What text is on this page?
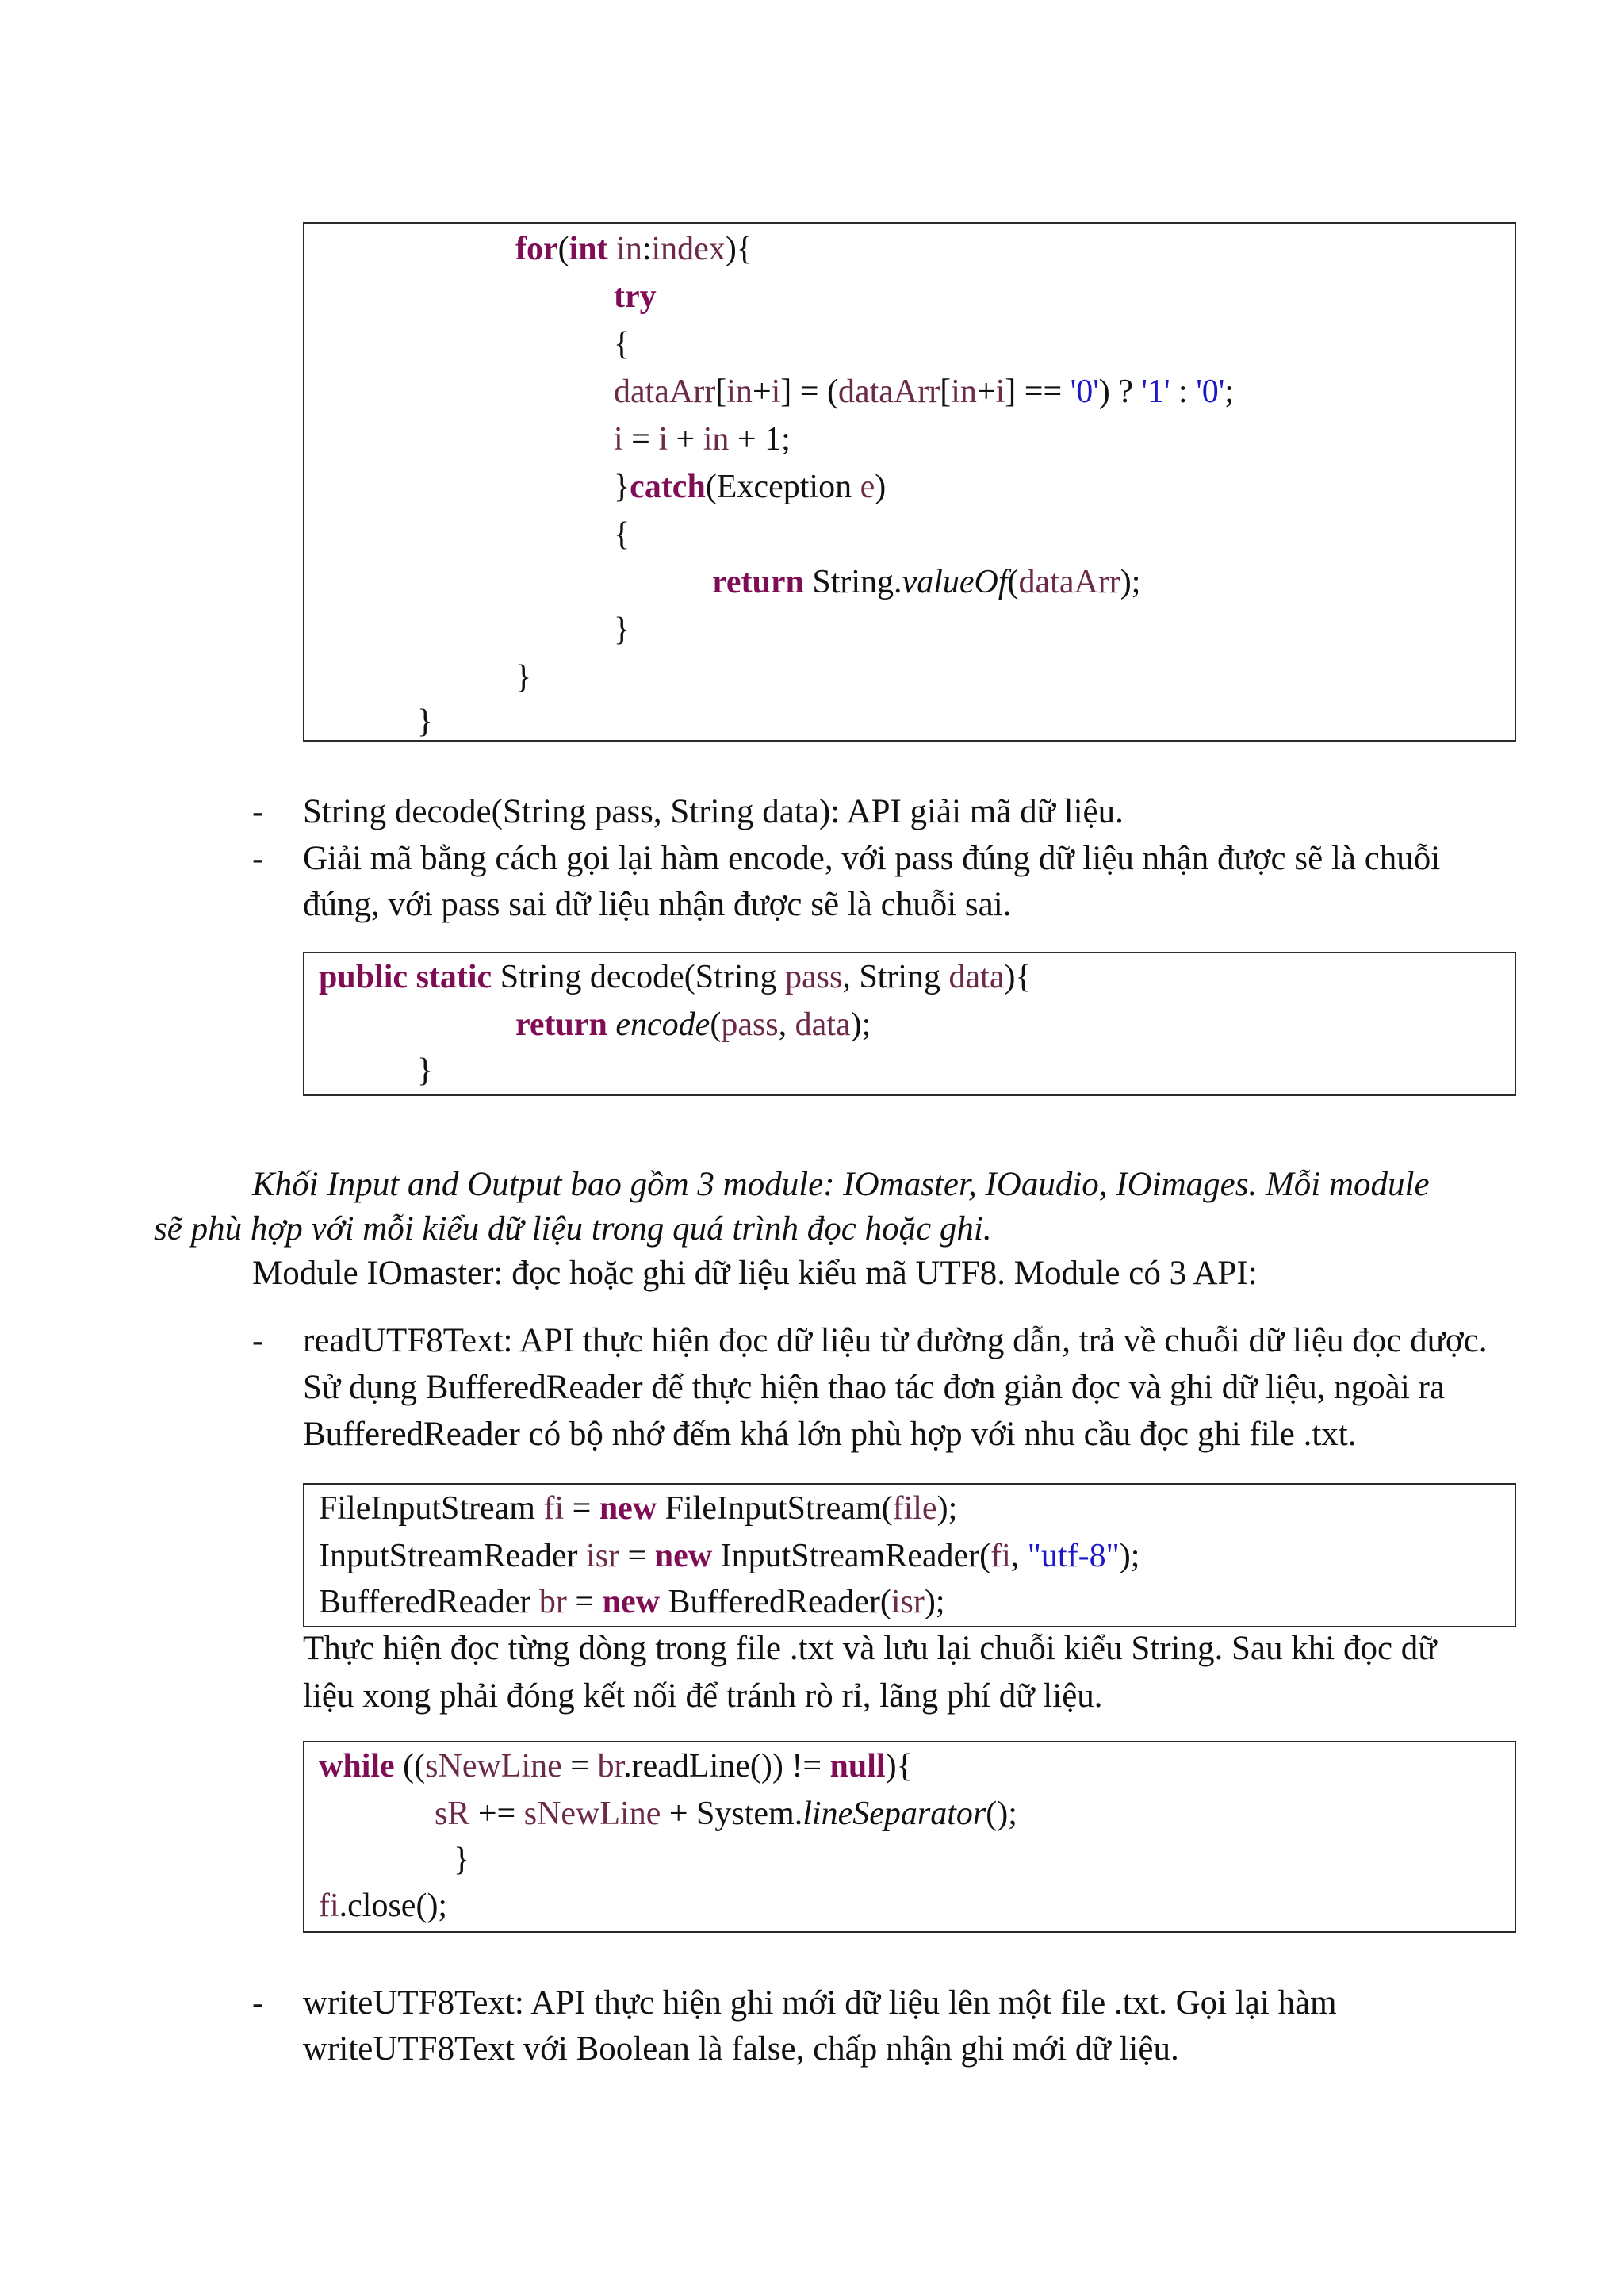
for(int in:index){
try
{
dataArr[in+i] = (dataArr[in+i] == '0') ? '1' : '0';
i = i + in + 1;
}catch(Exception e)
{
return String.valueOf(dataArr);
}
}
}
- String decode(String pass, String data): API giải mã dữ liệu.
- Giải mã bằng cách gọi lại hàm encode, với pass đúng dữ liệu nhận được sẽ là chuỗi
đúng, với pass sai dữ liệu nhận được sẽ là chuỗi sai.
public static String decode(String pass, String data){
return encode(pass, data);
}
Khối Input and Output bao gồm 3 module: IOmaster, IOaudio, IOimages. Mỗi module
sẽ phù hợp với mỗi kiểu dữ liệu trong quá trình đọc hoặc ghi.
Module IOmaster: đọc hoặc ghi dữ liệu kiểu mã UTF8. Module có 3 API:
- readUTF8Text: API thực hiện đọc dữ liệu từ đường dẫn, trả về chuỗi dữ liệu đọc được.
Sử dụng BufferedReader để thực hiện thao tác đơn giản đọc và ghi dữ liệu, ngoài ra
BufferedReader có bộ nhớ đếm khá lớn phù hợp với nhu cầu đọc ghi file .txt.
FileInputStream fi = new FileInputStream(file);
InputStreamReader isr = new InputStreamReader(fi, "utf-8");
BufferedReader br = new BufferedReader(isr);
Thực hiện đọc từng dòng trong file .txt và lưu lại chuỗi kiểu String. Sau khi đọc dữ
liệu xong phải đóng kết nối để tránh rò rỉ, lãng phí dữ liệu.
while ((sNewLine = br.readLine()) != null){
sR += sNewLine + System.lineSeparator();
}
fi.close();
- writeUTF8Text: API thực hiện ghi mới dữ liệu lên một file .txt. Gọi lại hàm
writeUTF8Text với Boolean là false, chấp nhận ghi mới dữ liệu.
